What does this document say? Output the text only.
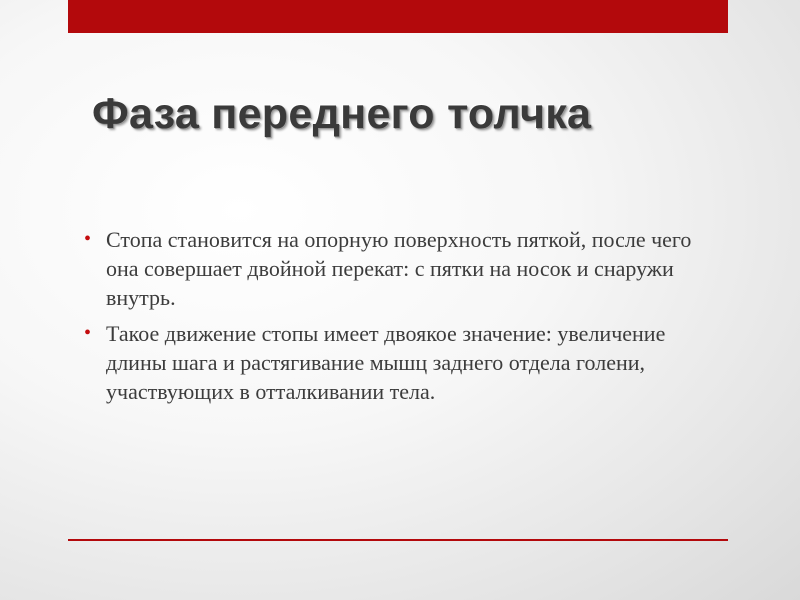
Фаза переднего толчка
• Стопа становится на опорную поверхность пяткой, после чего она совершает двойной перекат: с пятки на носок и снаружи внутрь.
• Такое движение стопы имеет двоякое значение: увеличение длины шага и растягивание мышц заднего отдела голени, участвующих в отталкивании тела.
